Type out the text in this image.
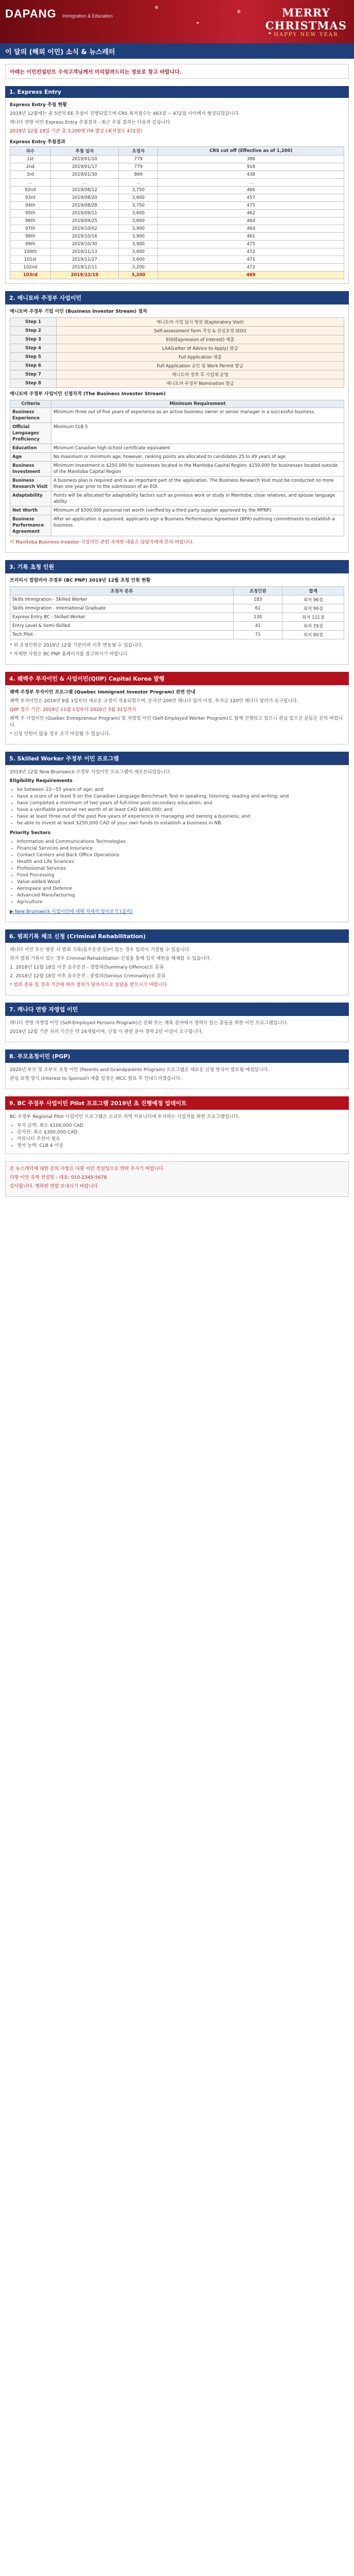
DAPANG Immigration & Education
❄
✦
❄
✦
MERRY
CHRISTMAS
HAPPY NEW YEAR
이 달의 (해외 이민) 소식 & 뉴스레터
아래는 이민컨설턴트 수석고객님께서 미리알려드리는 정보로 참고 바랍니다.
1. Express Entry
Express Entry 추첨 현황
2019년 12월에는 총 5번의 EE 추첨이 진행되었으며 CRS 최저점수는 463점 ~ 472점 사이에서 형성되었습니다.
캐나다 연방 이민 Express Entry 추첨결과 - 최근 추첨 결과는 다음과 같습니다.
2019년 12월 19일 기준 총 3,200명 ITA 발급 (최저점수 472점)
Express Entry 추첨결과
차수	추첨 일자	초청자	CRS cut off (Effective as of 1,200)
1st	2019/01/10	779	386
2nd	2019/01/17	779	918
3rd	2019/01/30	869	438
...	...	...	...
92nd	2019/08/12	3,750	466
93rd	2019/08/20	3,600	457
94th	2019/08/28	3,750	475
95th	2019/09/11	3,600	462
96th	2019/09/25	3,600	464
97th	2019/10/02	3,900	464
98th	2019/10/16	3,900	461
99th	2019/10/30	3,900	475
100th	2019/11/13	3,600	472
101st	2019/11/27	3,600	471
102nd	2019/12/11	3,200	472
103rd	2019/12/19	3,200	469
2. 매니토바 주정부 사업이민
매니토바 주정부 기업 이민 (Business Investor Stream) 절차
Step 1	매니토바 사업 답사 방문 (Exploratory Visit)
Step 2	Self-assessment form 작성 & 관심표명 (EOI)
Step 3	EOI(Expression of Interest) 제출
Step 4	LAA(Letter of Advice to Apply) 발급
Step 5	Full Application 제출
Step 6	Full Application 승인 및 Work Permit 발급
Step 7	매니토바 정착 후 사업체 운영
Step 8	매니토바 주정부 Nomination 발급
매니토바 주정부 사업이민 신청자격 (The Business Investor Stream)
Criteria	Minimum Requirement
Business Experience	Minimum three out of five years of experience as an active business owner or senior manager in a successful business.
Official Languages Proficiency	Minimum CLB 5
Education	Minimum Canadian high school certificate equivalent
Age	No maximum or minimum age; however, ranking points are allocated to candidates 25 to 49 years of age
Business Investment	Minimum investment is $250,000 for businesses located in the Manitoba Capital Region; $150,000 for businesses located outside of the Manitoba Capital Region
Business Research Visit	A business plan is required and is an important part of the application. The Business Research Visit must be conducted no more than one year prior to the submission of an EOI.
Adaptability	Points will be allocated for adaptability factors such as previous work or study in Manitoba, close relatives, and spouse language ability.
Net Worth	Minimum of $500,000 personal net worth (verified by a third party supplier approved by the MPNP).
Business Performance Agreement	After an application is approved, applicants sign a Business Performance Agreement (BPA) outlining commitments to establish a business.
이 Manitoba Business Investor 사업이민 관련 자세한 내용은 담당자에게 문의 바랍니다.
3. 기록 초청 인원
브리티시 컬럼비아 주정부 (BC PNP) 2019년 12월 초청 인원 현황
초청자 분류	초청인원	합계
Skills Immigration - Skilled Worker	183	최저 96점
Skills Immigration - International Graduate	61	최저 96점
Express Entry BC - Skilled Worker	130	최저 111점
Entry Level & Semi-Skilled	41	최저 79점
Tech Pilot	71	최저 80점
* 위 초청인원은 2019년 12월 기준이며 이후 변동될 수 있습니다.
* 자세한 사항은 BC PNP 홈페이지를 참고하시기 바랍니다.
4. 퀘벡주 투자이민 & 사업이민(QIIP) Capital Korea 발행
퀘벡 주정부 투자이민 프로그램 (Quebec Immigrant Investor Program) 관련 안내
퀘벡 투자이민은 2019년 9월 1일부터 새로운 규정이 적용되었으며, 순자산 200만 캐나다 달러 이상, 투자금 120만 캐나다 달러가 요구됩니다.
QIIP 접수 기간: 2019년 11월 1일부터 2020년 3월 31일까지
퀘벡 주 사업이민 (Quebec Entrepreneur Program) 및 자영업 이민 (Self-Employed Worker Program)도 함께 진행되고 있으니 관심 있으신 분들은 문의 바랍니다.
* 신청 인원이 많을 경우 조기 마감될 수 있습니다.
5. Skilled Worker 주정부 이민 프로그램
2019년 12월 New Brunswick 주정부 사업이민 프로그램이 재오픈되었습니다.
Eligibility Requirements
• be between 22~55 years of age; and
• have a score of at least 5 on the Canadian Language Benchmark Test in speaking, listening, reading and writing; and
• have completed a minimum of two years of full-time post-secondary education; and
• have a verifiable personal net worth of at least CAD $600,000; and
• have at least three out of the past five years of experience in managing and owning a business; and
• be able to invest at least $250,000 CAD of your own funds to establish a business in NB.
Priority Sectors
• Information and Communications Technologies
• Financial Services and Insurance
• Contact Centers and Back Office Operations
• Health and Life Sciences
• Professional Services
• Food Processing
• Value-added Wood
• Aerospace and Defence
• Advanced Manufacturing
• Agriculture
▶ New Brunswick 사업이민에 대해 자세히 알아보기 (클릭)
6. 범죄기록 체크 신청 (Criminal Rehabilitation)
캐나다 이민 또는 방문 시 범죄 기록(음주운전 등)이 있는 경우 입국이 거절될 수 있습니다.
과거 범죄 기록이 있는 경우 Criminal Rehabilitation 신청을 통해 입국 제한을 해제할 수 있습니다.
1. 2018년 12월 18일 이전 음주운전 - 경범죄(Summary Offence)로 분류
2. 2018년 12월 18일 이후 음주운전 - 중범죄(Serious Criminality)로 분류
* 범죄 종류 및 경과 기간에 따라 절차가 달라지므로 상담을 받으시기 바랍니다.
7. 캐나다 연방 자영업 이민
캐나다 연방 자영업 이민 (Self-Employed Persons Program)은 문화 또는 체육 분야에서 경력이 있는 분들을 위한 이민 프로그램입니다.
2019년 12월 기준 처리 기간은 약 24개월이며, 신청 시 관련 분야 경력 2년 이상이 요구됩니다.
8. 부모초청이민 (PGP)
2020년 부모 및 조부모 초청 이민 (Parents and Grandparents Program) 프로그램은 새로운 신청 방식이 발표될 예정입니다.
관심 표명 양식 (Interest to Sponsor) 제출 일정은 IRCC 발표 후 안내드리겠습니다.
9. BC 주정부 사업이민 Pilot 프로그램 2019년 초 진행예정 업데이트
BC 주정부 Regional Pilot 사업이민 프로그램은 소규모 지역 커뮤니티에 투자하는 사업자를 위한 프로그램입니다.
• 투자 금액: 최소 $100,000 CAD
• 순자산: 최소 $300,000 CAD
• 커뮤니티 추천서 필요
• 영어 능력: CLB 4 이상
본 뉴스레터에 대한 문의 사항은 다팡 이민 컨설팅으로 연락 주시기 바랍니다.
다팡 이민 유학 컨설팅 - 대표: 010-2345-5678
감사합니다. 행복한 연말 보내시기 바랍니다.
